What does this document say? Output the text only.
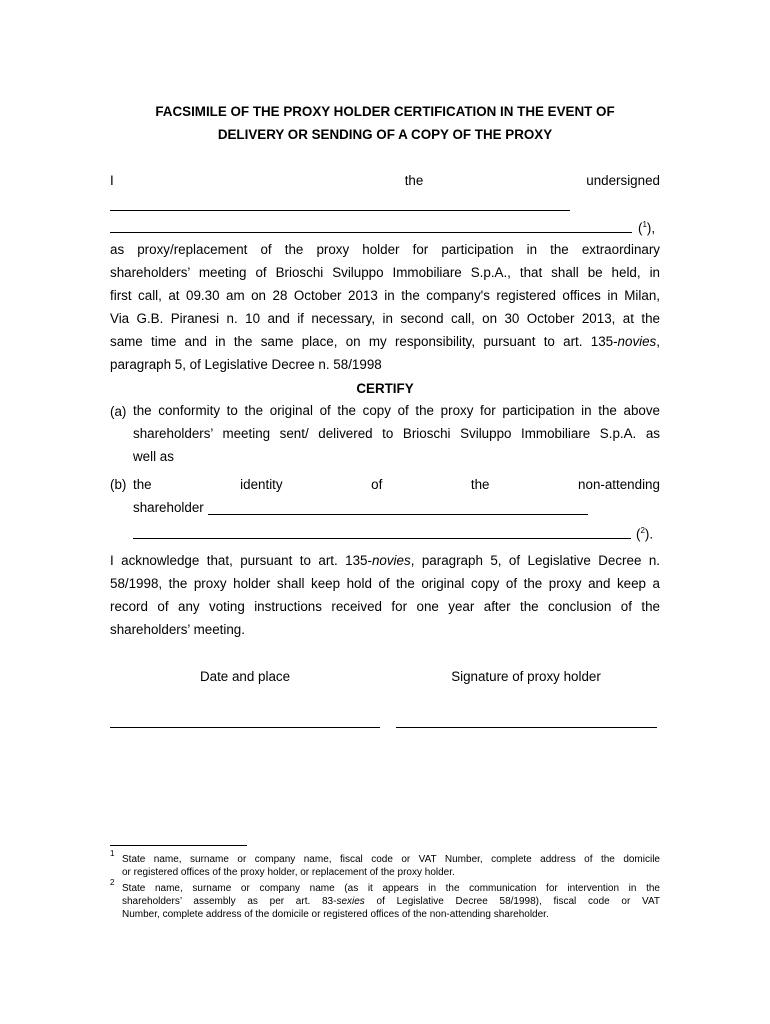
FACSIMILE OF THE PROXY HOLDER CERTIFICATION IN THE EVENT OF
DELIVERY OR SENDING OF A COPY OF THE PROXY
I	the	undersigned
($^1$),
as proxy/replacement of the proxy holder for participation in the extraordinary
shareholders’ meeting of Brioschi Sviluppo Immobiliare S.p.A., that shall be held, in
first call, at 09.30 am on 28 October 2013 in the company's registered offices in Milan,
Via G.B. Piranesi n. 10 and if necessary, in second call, on 30 October 2013, at the
same time and in the same place, on my responsibility, pursuant to art. 135-novies,
paragraph 5, of Legislative Decree n. 58/1998
CERTIFY
(a) the conformity to the original of the copy of the proxy for participation in the above
shareholders’ meeting sent/ delivered to Brioschi Sviluppo Immobiliare S.p.A. as
well as
(b) the	identity	of	the	non-attending
shareholder
($^2$).
I acknowledge that, pursuant to art. 135-novies, paragraph 5, of Legislative Decree n.
58/1998, the proxy holder shall keep hold of the original copy of the proxy and keep a
record of any voting instructions received for one year after the conclusion of the
shareholders’ meeting.
Date and place	Signature of proxy holder
1
State name, surname or company name, fiscal code or VAT Number, complete address of the domicile
or registered offices of the proxy holder, or replacement of the proxy holder.
2
State name, surname or company name (as it appears in the communication for intervention in the
shareholders’ assembly as per art. 83-sexies of Legislative Decree 58/1998), fiscal code or VAT
Number, complete address of the domicile or registered offices of the non-attending shareholder.
